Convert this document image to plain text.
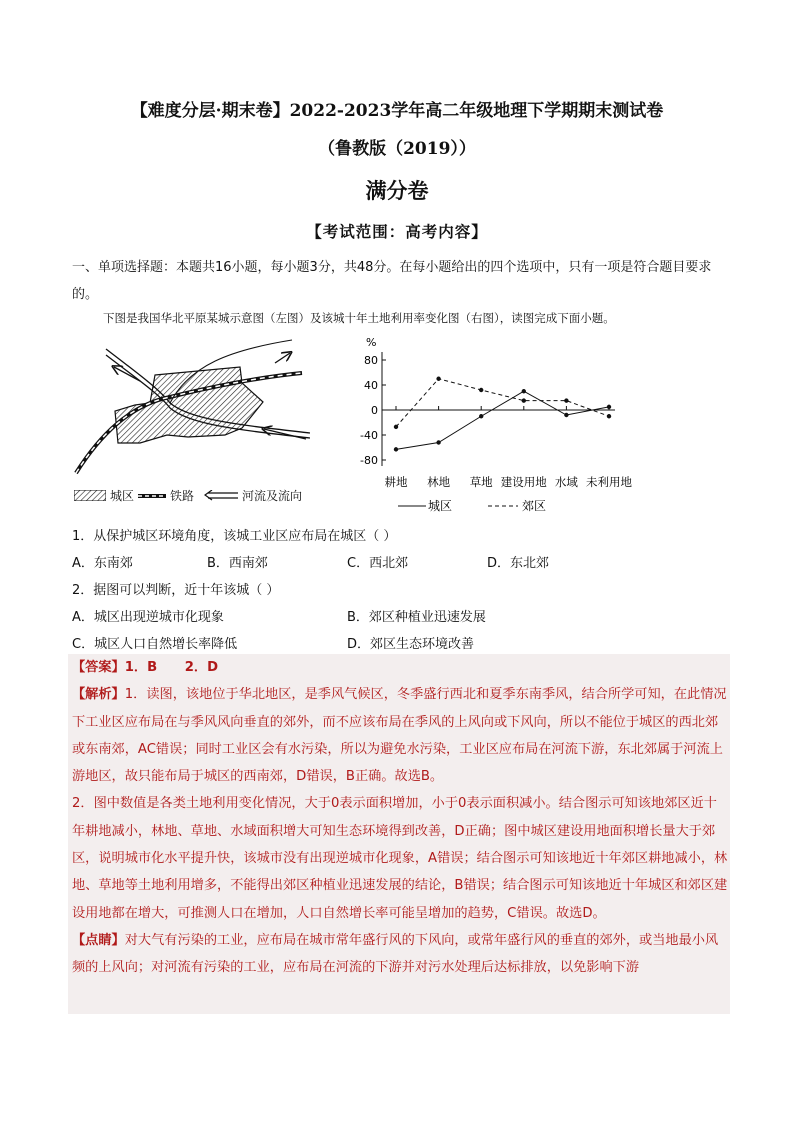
【难度分层·期末卷】2022-2023学年高二年级地理下学期期末测试卷
（鲁教版（2019））
满分卷
【考试范围：高考内容】
一、单项选择题：本题共16小题，每小题3分，共48分。在每小题给出的四个选项中，只有一项是符合题目要求的。
下图是我国华北平原某城示意图（左图）及该城十年土地利用率变化图（右图），读图完成下面小题。
城区	铁路	河流及流向
%
80
40
0
-40
-80
耕地 林地 草地 建设用地 水域 未利用地
城区	郊区
1．从保护城区环境角度，该城工业区应布局在城区（ ）
A．东南郊	B．西南郊	C．西北郊	D．东北郊
2．据图可以判断，近十年该城（ ）
A．城区出现逆城市化现象	B．郊区种植业迅速发展
C．城区人口自然增长率降低	D．郊区生态环境改善

【答案】1．B      2．D

【解析】1．读图，该地位于华北地区，是季风气候区，冬季盛行西北和夏季东南季风，结合所学可知，在此情况下工业区应布局在与季风风向垂直的郊外，而不应该布局在季风的上风向或下风向，所以不能位于城区的西北郊或东南郊，AC错误；同时工业区会有水污染，所以为避免水污染，工业区应布局在河流下游，东北郊属于河流上游地区，故只能布局于城区的西南郊，D错误，B正确。故选B。

2．图中数值是各类土地利用变化情况，大于0表示面积增加，小于0表示面积减小。结合图示可知该地郊区近十年耕地减小，林地、草地、水域面积增大可知生态环境得到改善，D正确；图中城区建设用地面积增长量大于郊区，说明城市化水平提升快，该城市没有出现逆城市化现象，A错误；结合图示可知该地近十年郊区耕地减小，林地、草地等土地利用增多，不能得出郊区种植业迅速发展的结论，B错误；结合图示可知该地近十年城区和郊区建设用地都在增大，可推测人口在增加，人口自然增长率可能呈增加的趋势，C错误。故选D。

【点睛】对大气有污染的工业，应布局在城市常年盛行风的下风向，或常年盛行风的垂直的郊外，或当地最小风频的上风向；对河流有污染的工业，应布局在河流的下游并对污水处理后达标排放，以免影响下游
